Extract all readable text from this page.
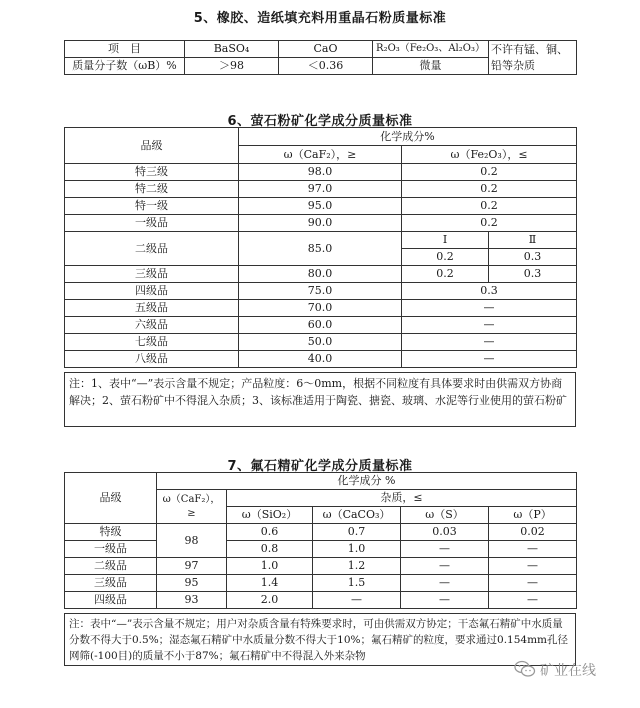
5、橡胶、造纸填充料用重晶石粉质量标准
项　目	BaSO₄	CaO	R₂O₃（Fe₂O₃、Al₂O₃）	不许有锰、铜、铅等杂质
质量分子数（ωB）%	＞98	＜0.36	微量	
6、萤石粉矿化学成分质量标准
品级	化学成分%		
	ω（CaF₂），≥	ω（Fe₂O₃），≤	
特三级	98.0	0.2	
特二级	97.0	0.2	
特一级	95.0	0.2	
一级品	90.0	0.2	
二级品	85.0	Ⅰ	Ⅱ
		0.2	0.3
三级品	80.0	0.2	0.3
四级品	75.0	0.3	
五级品	70.0	—	
六级品	60.0	—	
七级品	50.0	—	
八级品	40.0	—	
注：1、表中“—”表示含量不规定；产品粒度：6～0mm，根据不同粒度有具体要求时由供需双方协商解决；2、萤石粉矿中不得混入杂质；3、该标准适用于陶瓷、搪瓷、玻璃、水泥等行业使用的萤石粉矿
7、氟石精矿化学成分质量标准
品级	化学成分 %				
	ω（CaF₂），≥	杂质，≤			
		ω（SiO₂）	ω（CaCO₃）	ω（S）	ω（P）
特级	98	0.6	0.7	0.03	0.02
一级品		0.8	1.0	—	—
二级品	97	1.0	1.2	—	—
三级品	95	1.4	1.5	—	—
四级品	93	2.0	—	—	—
注：表中“—”表示含量不规定；用户对杂质含量有特殊要求时，可由供需双方协定；干态氟石精矿中水质量分数不得大于0.5%；湿态氟石精矿中水质量分数不得大于10%；氟石精矿的粒度，要求通过0.154mm孔径网筛(-100目)的质量不小于87%；氟石精矿中不得混入外来杂物
矿业在线
